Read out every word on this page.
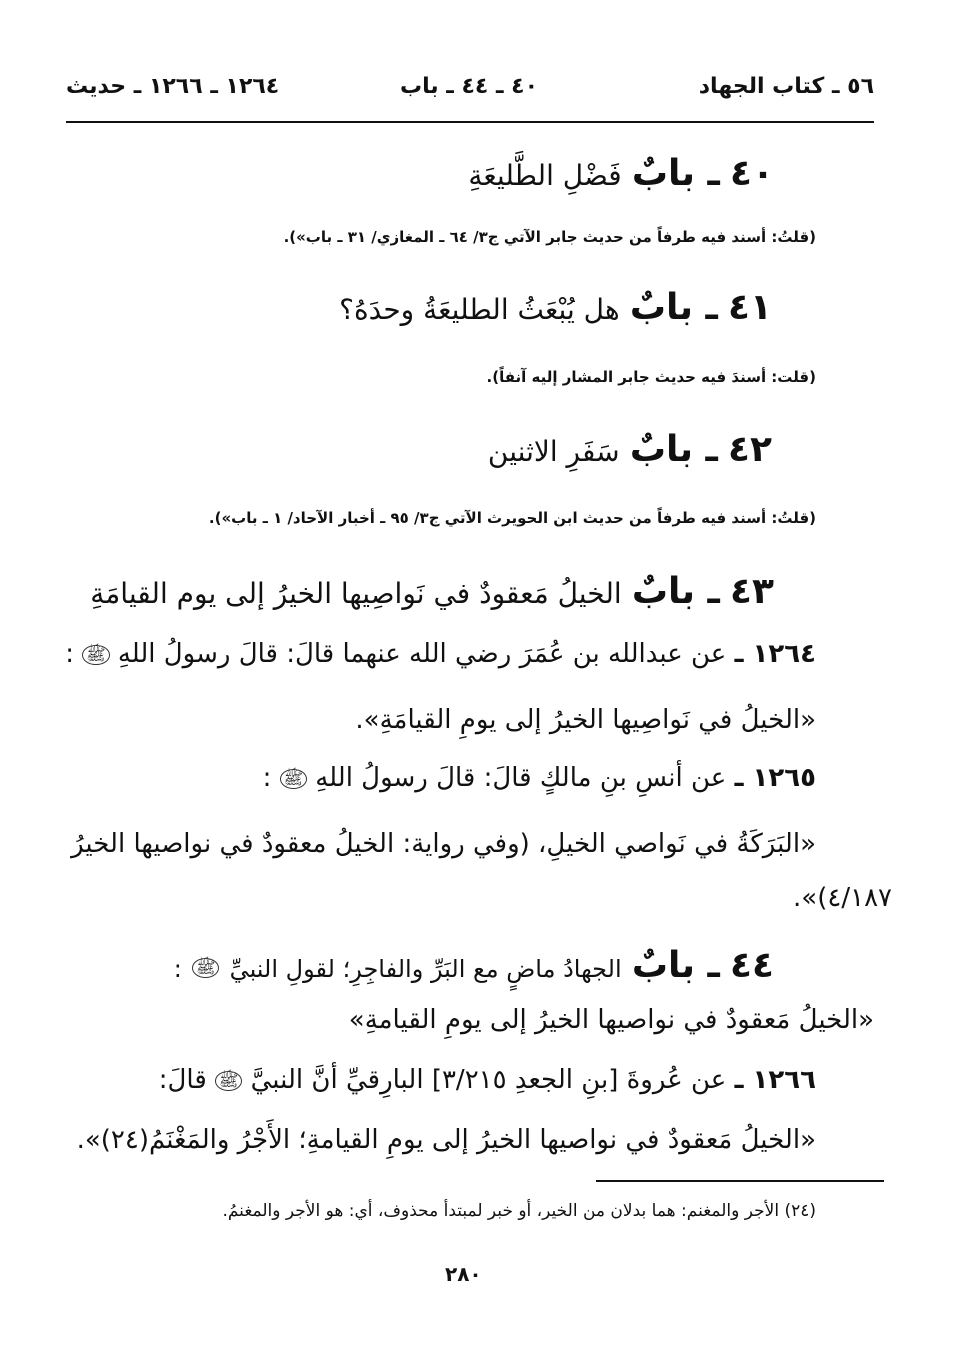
٥٦ ـ كتاب الجهاد
٤٠ ـ ٤٤ ـ باب
١٢٦٤ ـ ١٢٦٦ ـ حديث
٤٠ ـ بابٌ فَضْلِ الطَّليعَةِ
(قلتُ: أسند فيه طرفاً من حديث جابر الآتي ج٣/ ٦٤ ـ المغازي/ ٣١ ـ باب»).
٤١ ـ بابٌ هل يُبْعَثُ الطليعَةُ وحدَهُ؟
(قلت: أسندَ فيه حديث جابر المشار إليه آنفاً).
٤٢ ـ بابٌ سَفَرِ الاثنين
(قلتُ: أسند فيه طرفاً من حديث ابن الحويرث الآتي ج٣/ ٩٥ ـ أخبار الآحاد/ ١ ـ باب»).
٤٣ ـ بابٌ الخيلُ مَعقودٌ في نَواصِيها الخيرُ إلى يوم القيامَةِ
١٢٦٤ ـ عن عبدالله بن عُمَرَ رضي الله عنهما قالَ: قالَ رسولُ اللهِ ﷺ :
«الخيلُ في نَواصِيها الخيرُ إلى يومِ القيامَةِ».
١٢٦٥ ـ عن أنسِ بنِ مالكٍ قالَ: قالَ رسولُ اللهِ ﷺ :
«البَرَكَةُ في نَواصي الخيلِ، (وفي رواية: الخيلُ معقودٌ في نواصيها الخيرُ
٤/١٨٧)».
٤٤ ـ بابٌ الجهادُ ماضٍ مع البَرِّ والفاجِرِ؛ لقولِ النبيِّ ﷺ :
«الخيلُ مَعقودٌ في نواصيها الخيرُ إلى يومِ القيامةِ»
١٢٦٦ ـ عن عُروةَ [بنِ الجعدِ ٣/٢١٥] البارِقيِّ أنَّ النبيَّ ﷺ قالَ:
«الخيلُ مَعقودٌ في نواصيها الخيرُ إلى يومِ القيامةِ؛ الأَجْرُ والمَغْنَمُ(٢٤)».
(٢٤) الأجر والمغنم: هما بدلان من الخير، أو خبر لمبتدأ محذوف، أي: هو الأجر والمغنمُ.
٢٨٠
